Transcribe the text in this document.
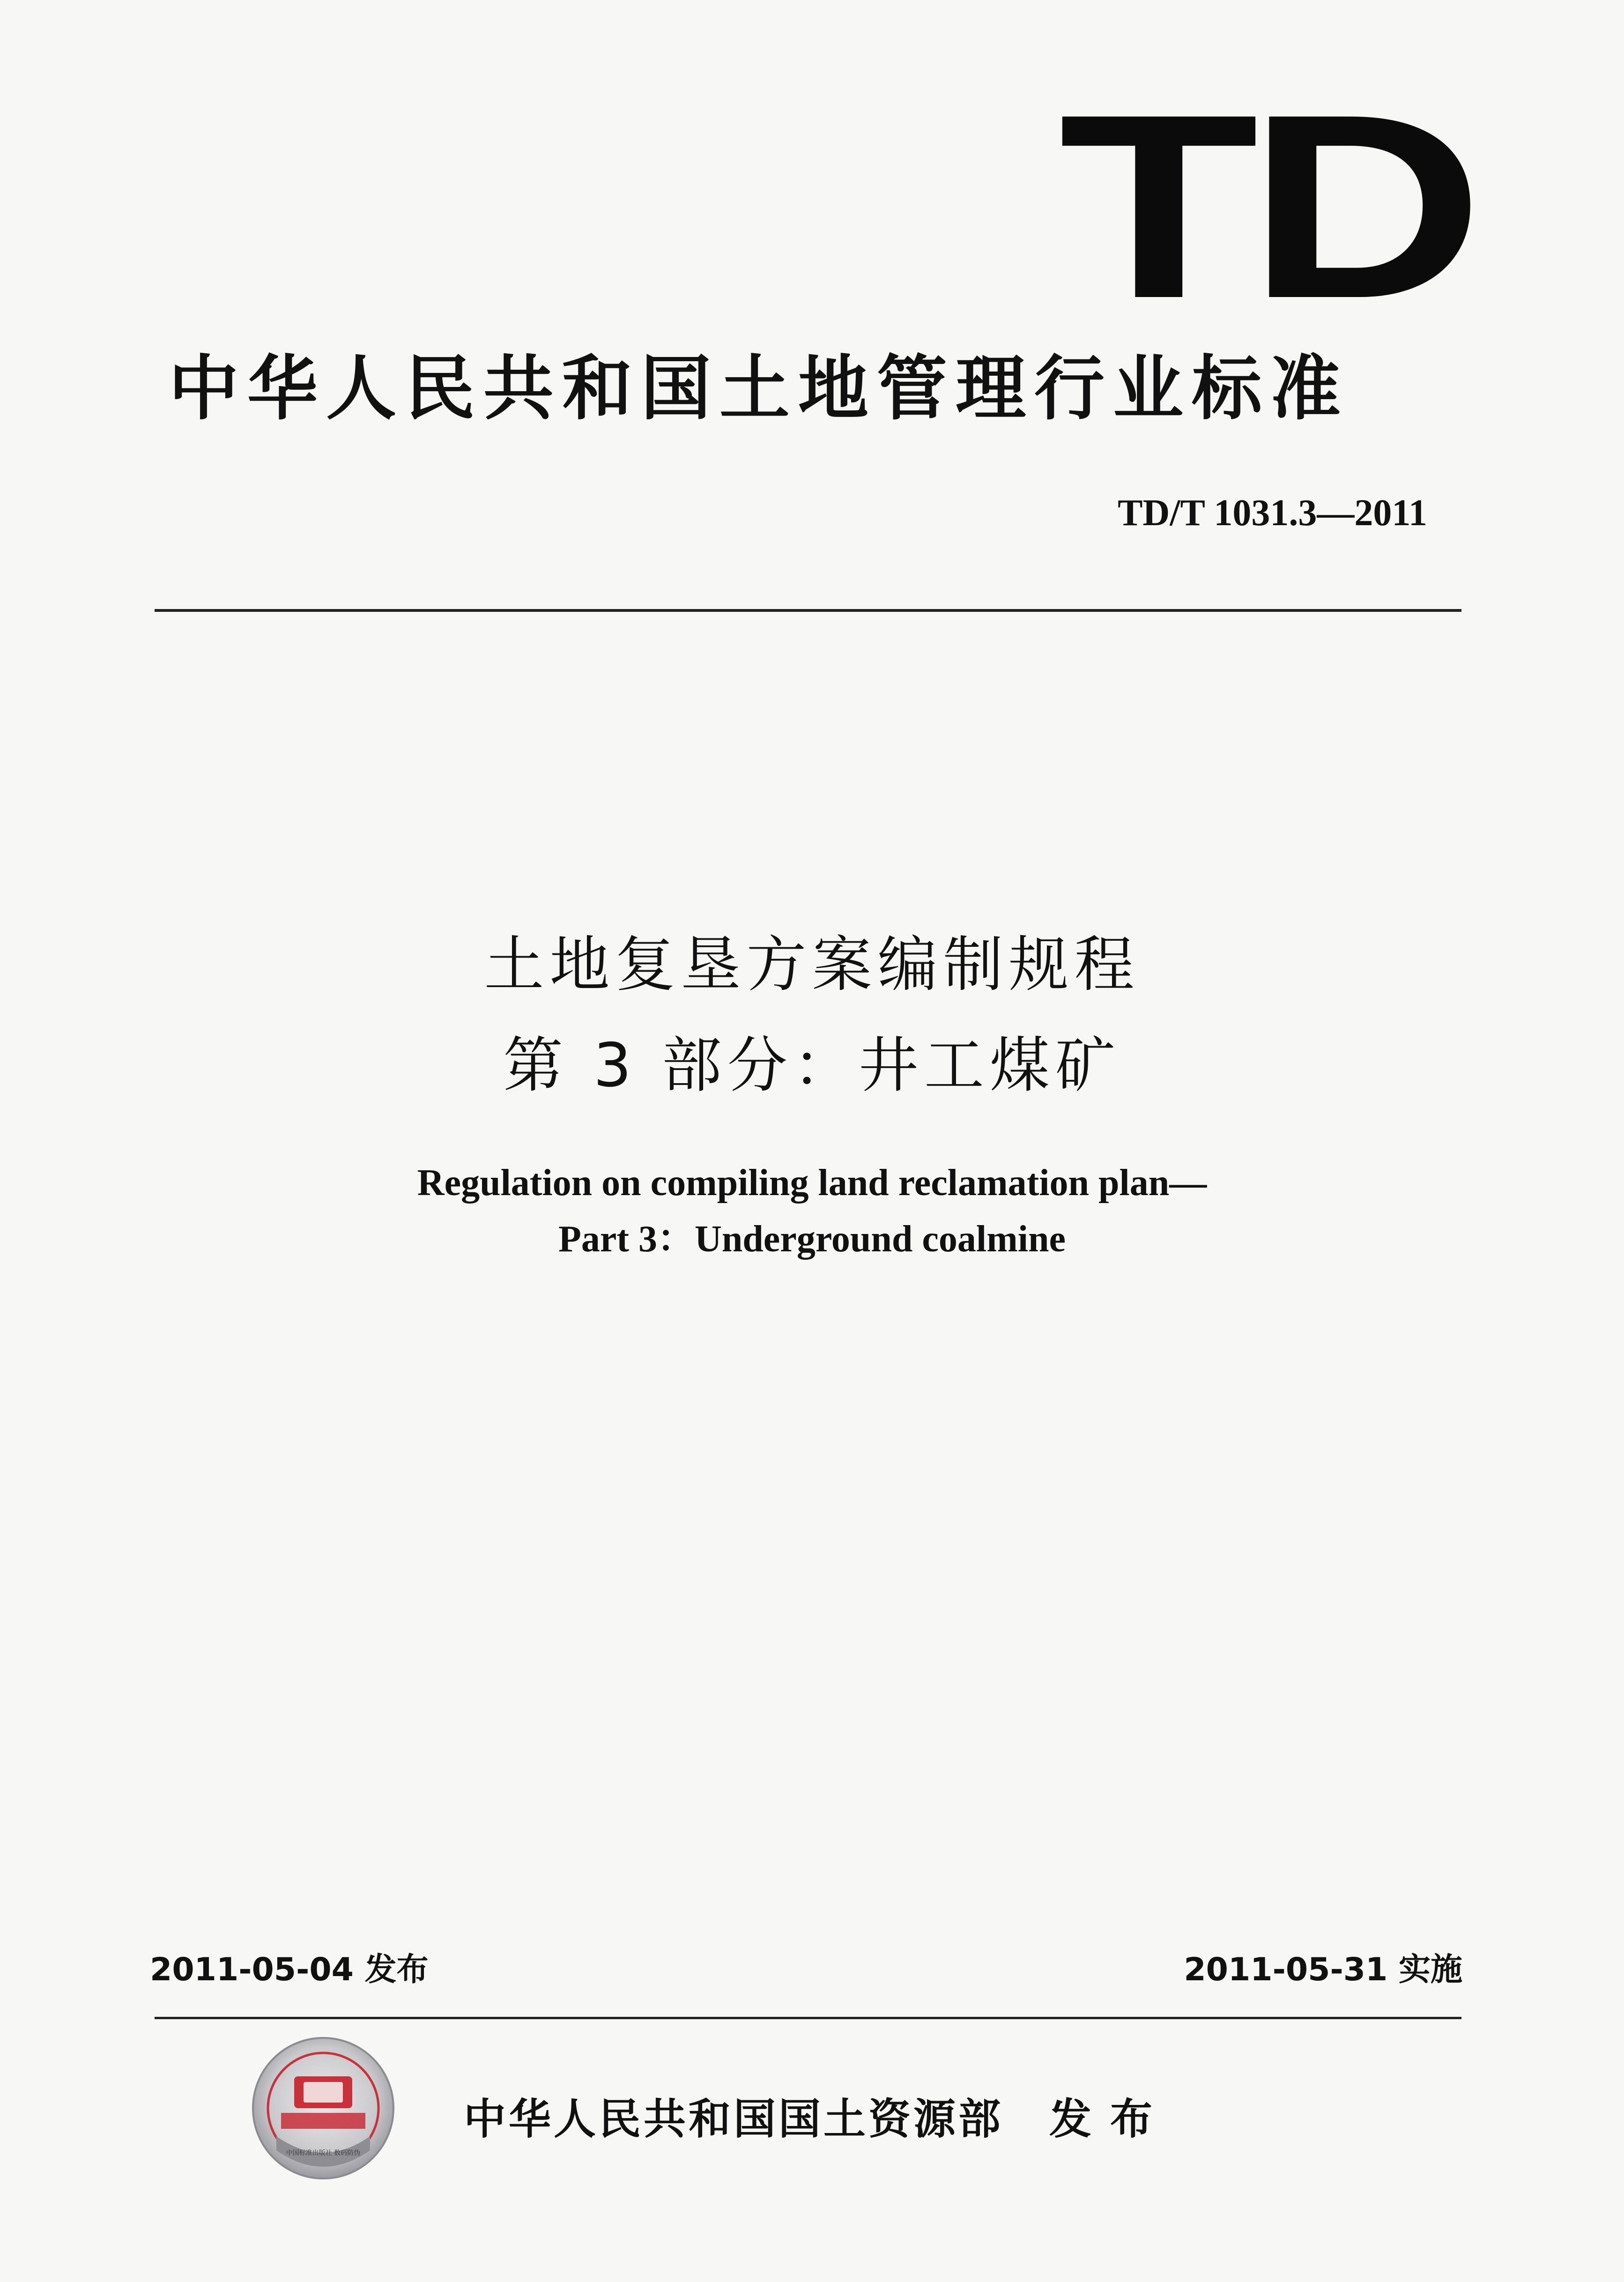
TD
中华人民共和国土地管理行业标准
TD/T 1031.3—2011
土地复垦方案编制规程
第 3 部分：井工煤矿
Regulation on compiling land reclamation plan—
Part 3：Underground coalmine
2011-05-04 发布	2011-05-31 实施
中国标准出版社 数码防伪
中华人民共和国国土资源部 发布
